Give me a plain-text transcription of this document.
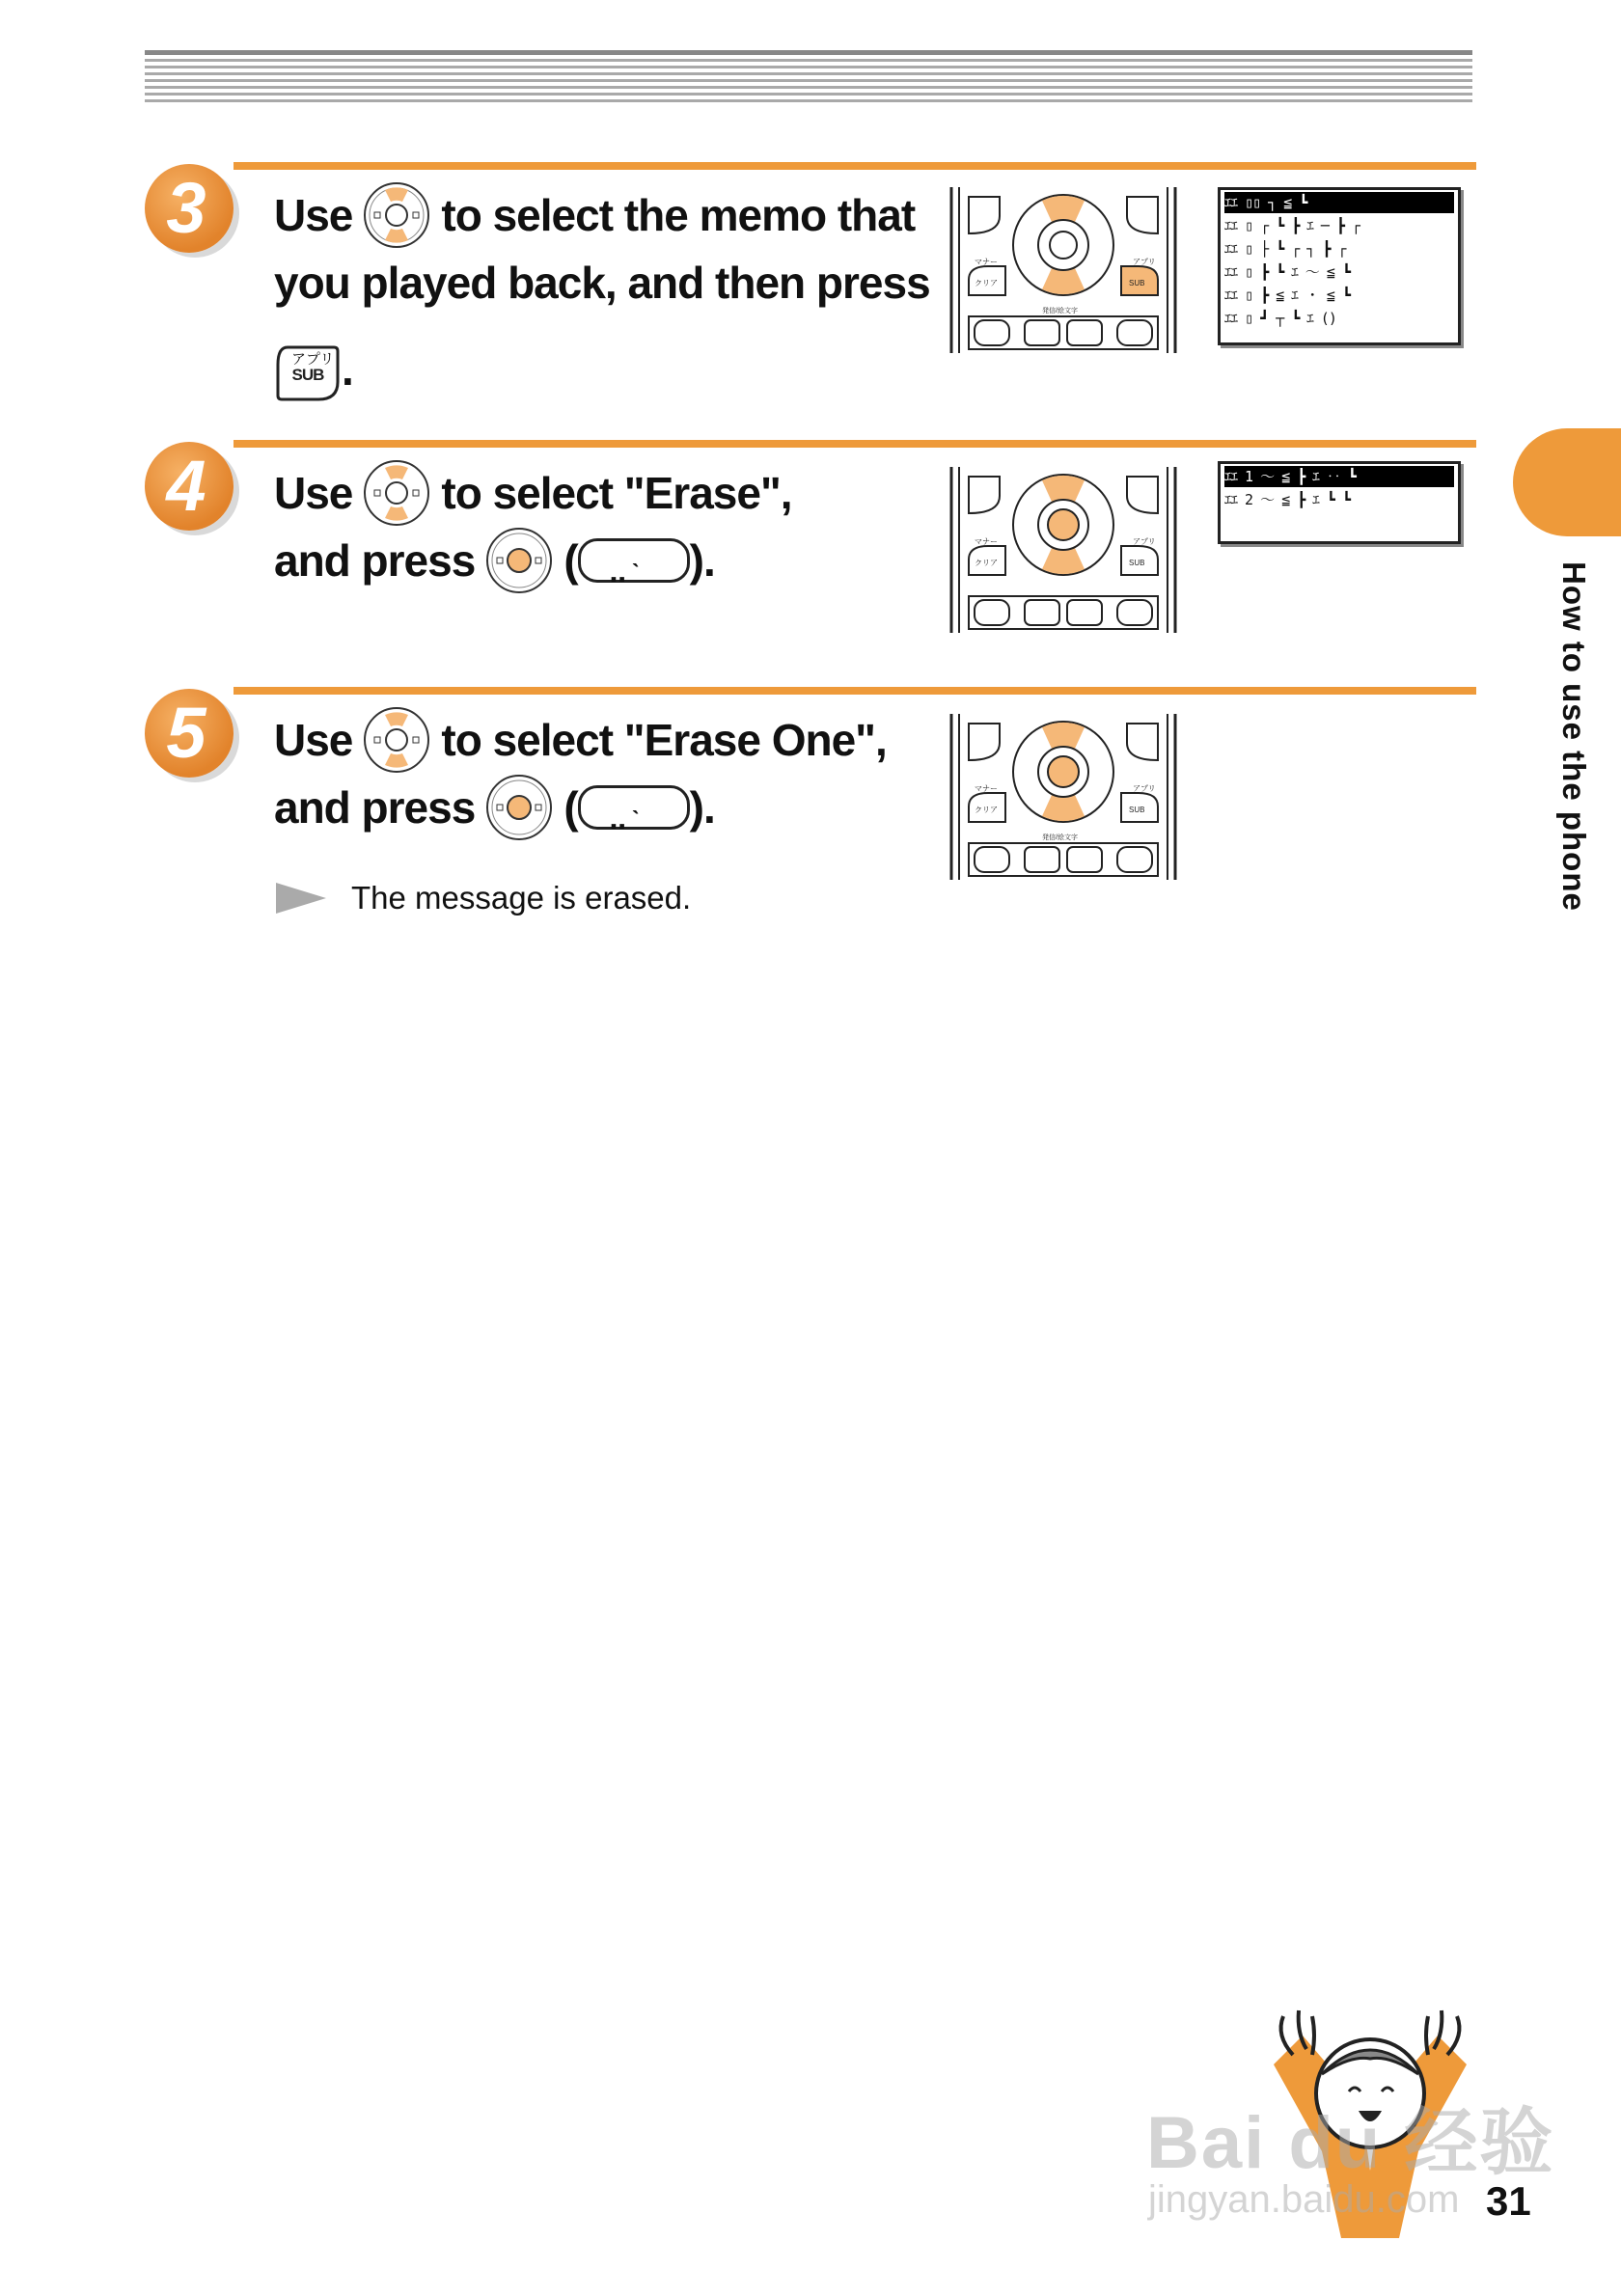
3 Use to select the memo that
you played back, and then press
アプリ
SUB .
マナー
クリア
アプリ
SUB
発信/絵文字
ｴｴ ▯▯ ┐ ≦ ┗
ｴｴ ▯ ┌ ┗ ┣ ｴ ─ ┣ ┌
ｴｴ ▯ ├ ┗ ┌ ┐ ┣ ┌
ｴｴ ▯ ┣ ┗ ｴ ～ ≦ ┗
ｴｴ ▯ ┣ ≦ ｴ ・ ≦ ┗
ｴｴ ▯ ┛ ┬ ┗ ｴ ()
4 Use to select "Erase",
and press ( ‥ ˋ	).	マナー
クリア
アプリ
SUB
ｴｴ 1 ～ ≦ ┣ ｴ ‥ ┗
ｴｴ 2 ～ ≦ ┣ ｴ ┗ ┗
5 Use to select "Erase One",
and press ( ‥ ˋ	).	マナー
クリア
アプリ
SUB
発信/絵文字
The message is erased.	How to use the phone
Bai du 经验
jingyan.baidu.com 31
